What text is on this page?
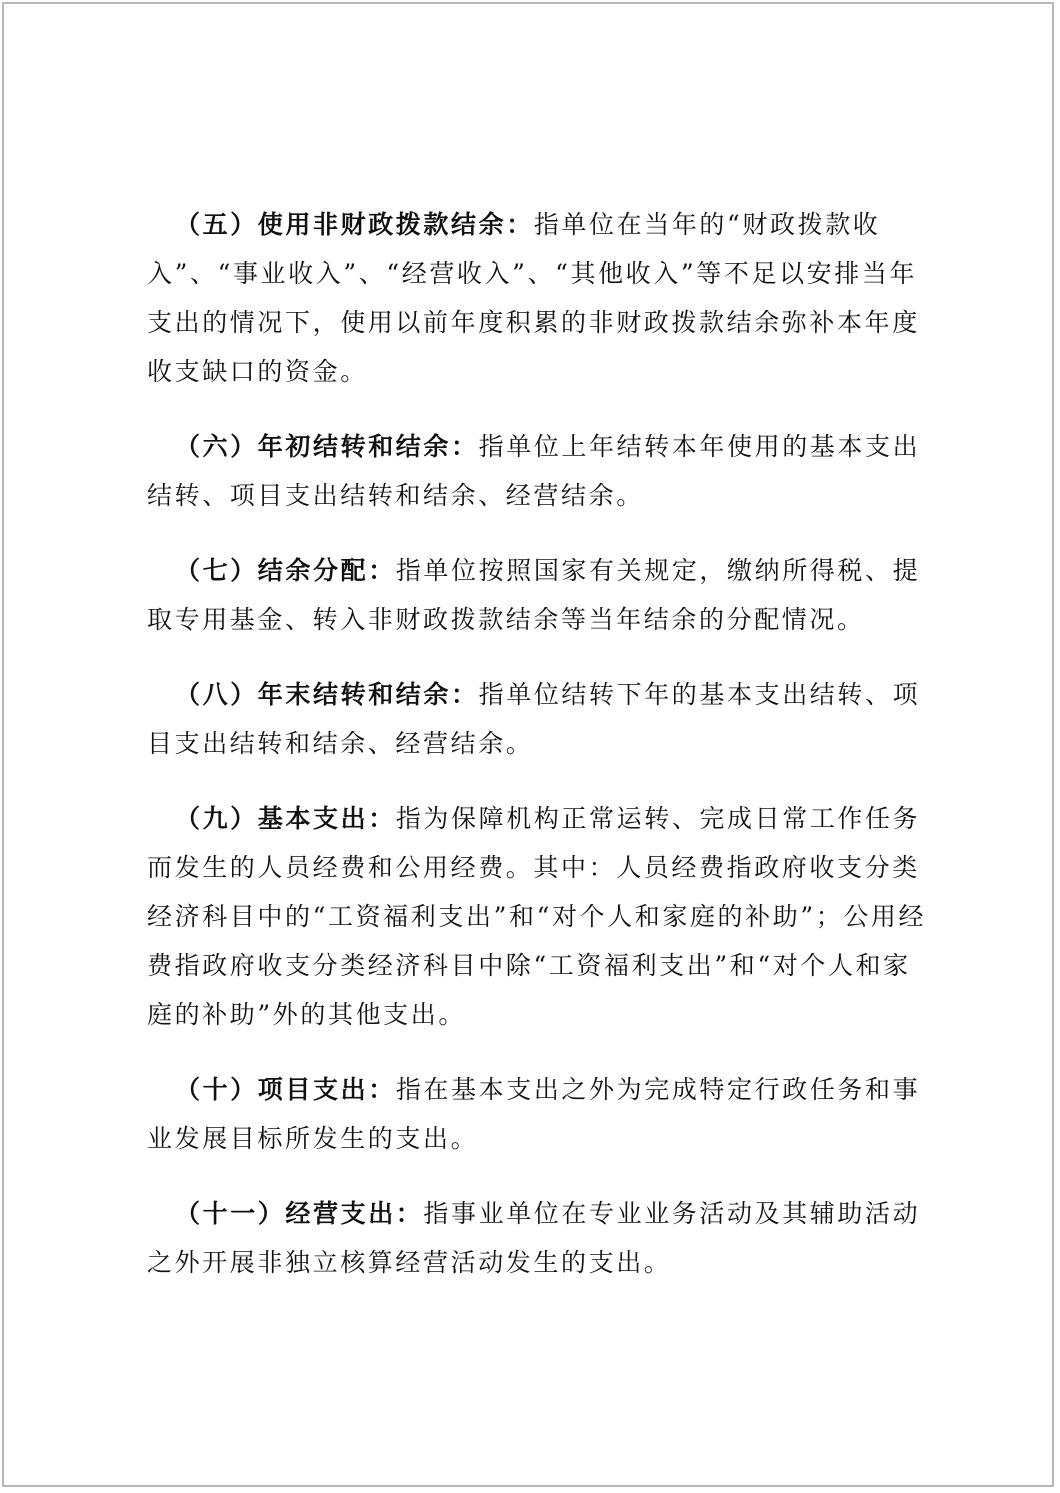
（五）使用非财政拨款结余：指单位在当年的“财政拨款收入”、“事业收入”、“经营收入”、“其他收入”等不足以安排当年支出的情况下，使用以前年度积累的非财政拨款结余弥补本年度收支缺口的资金。

（六）年初结转和结余：指单位上年结转本年使用的基本支出结转、项目支出结转和结余、经营结余。

（七）结余分配：指单位按照国家有关规定，缴纳所得税、提取专用基金、转入非财政拨款结余等当年结余的分配情况。

（八）年末结转和结余：指单位结转下年的基本支出结转、项目支出结转和结余、经营结余。

（九）基本支出：指为保障机构正常运转、完成日常工作任务而发生的人员经费和公用经费。其中：人员经费指政府收支分类经济科目中的“工资福利支出”和“对个人和家庭的补助”；公用经费指政府收支分类经济科目中除“工资福利支出”和“对个人和家庭的补助”外的其他支出。

（十）项目支出：指在基本支出之外为完成特定行政任务和事业发展目标所发生的支出。

（十一）经营支出：指事业单位在专业业务活动及其辅助活动之外开展非独立核算经营活动发生的支出。
